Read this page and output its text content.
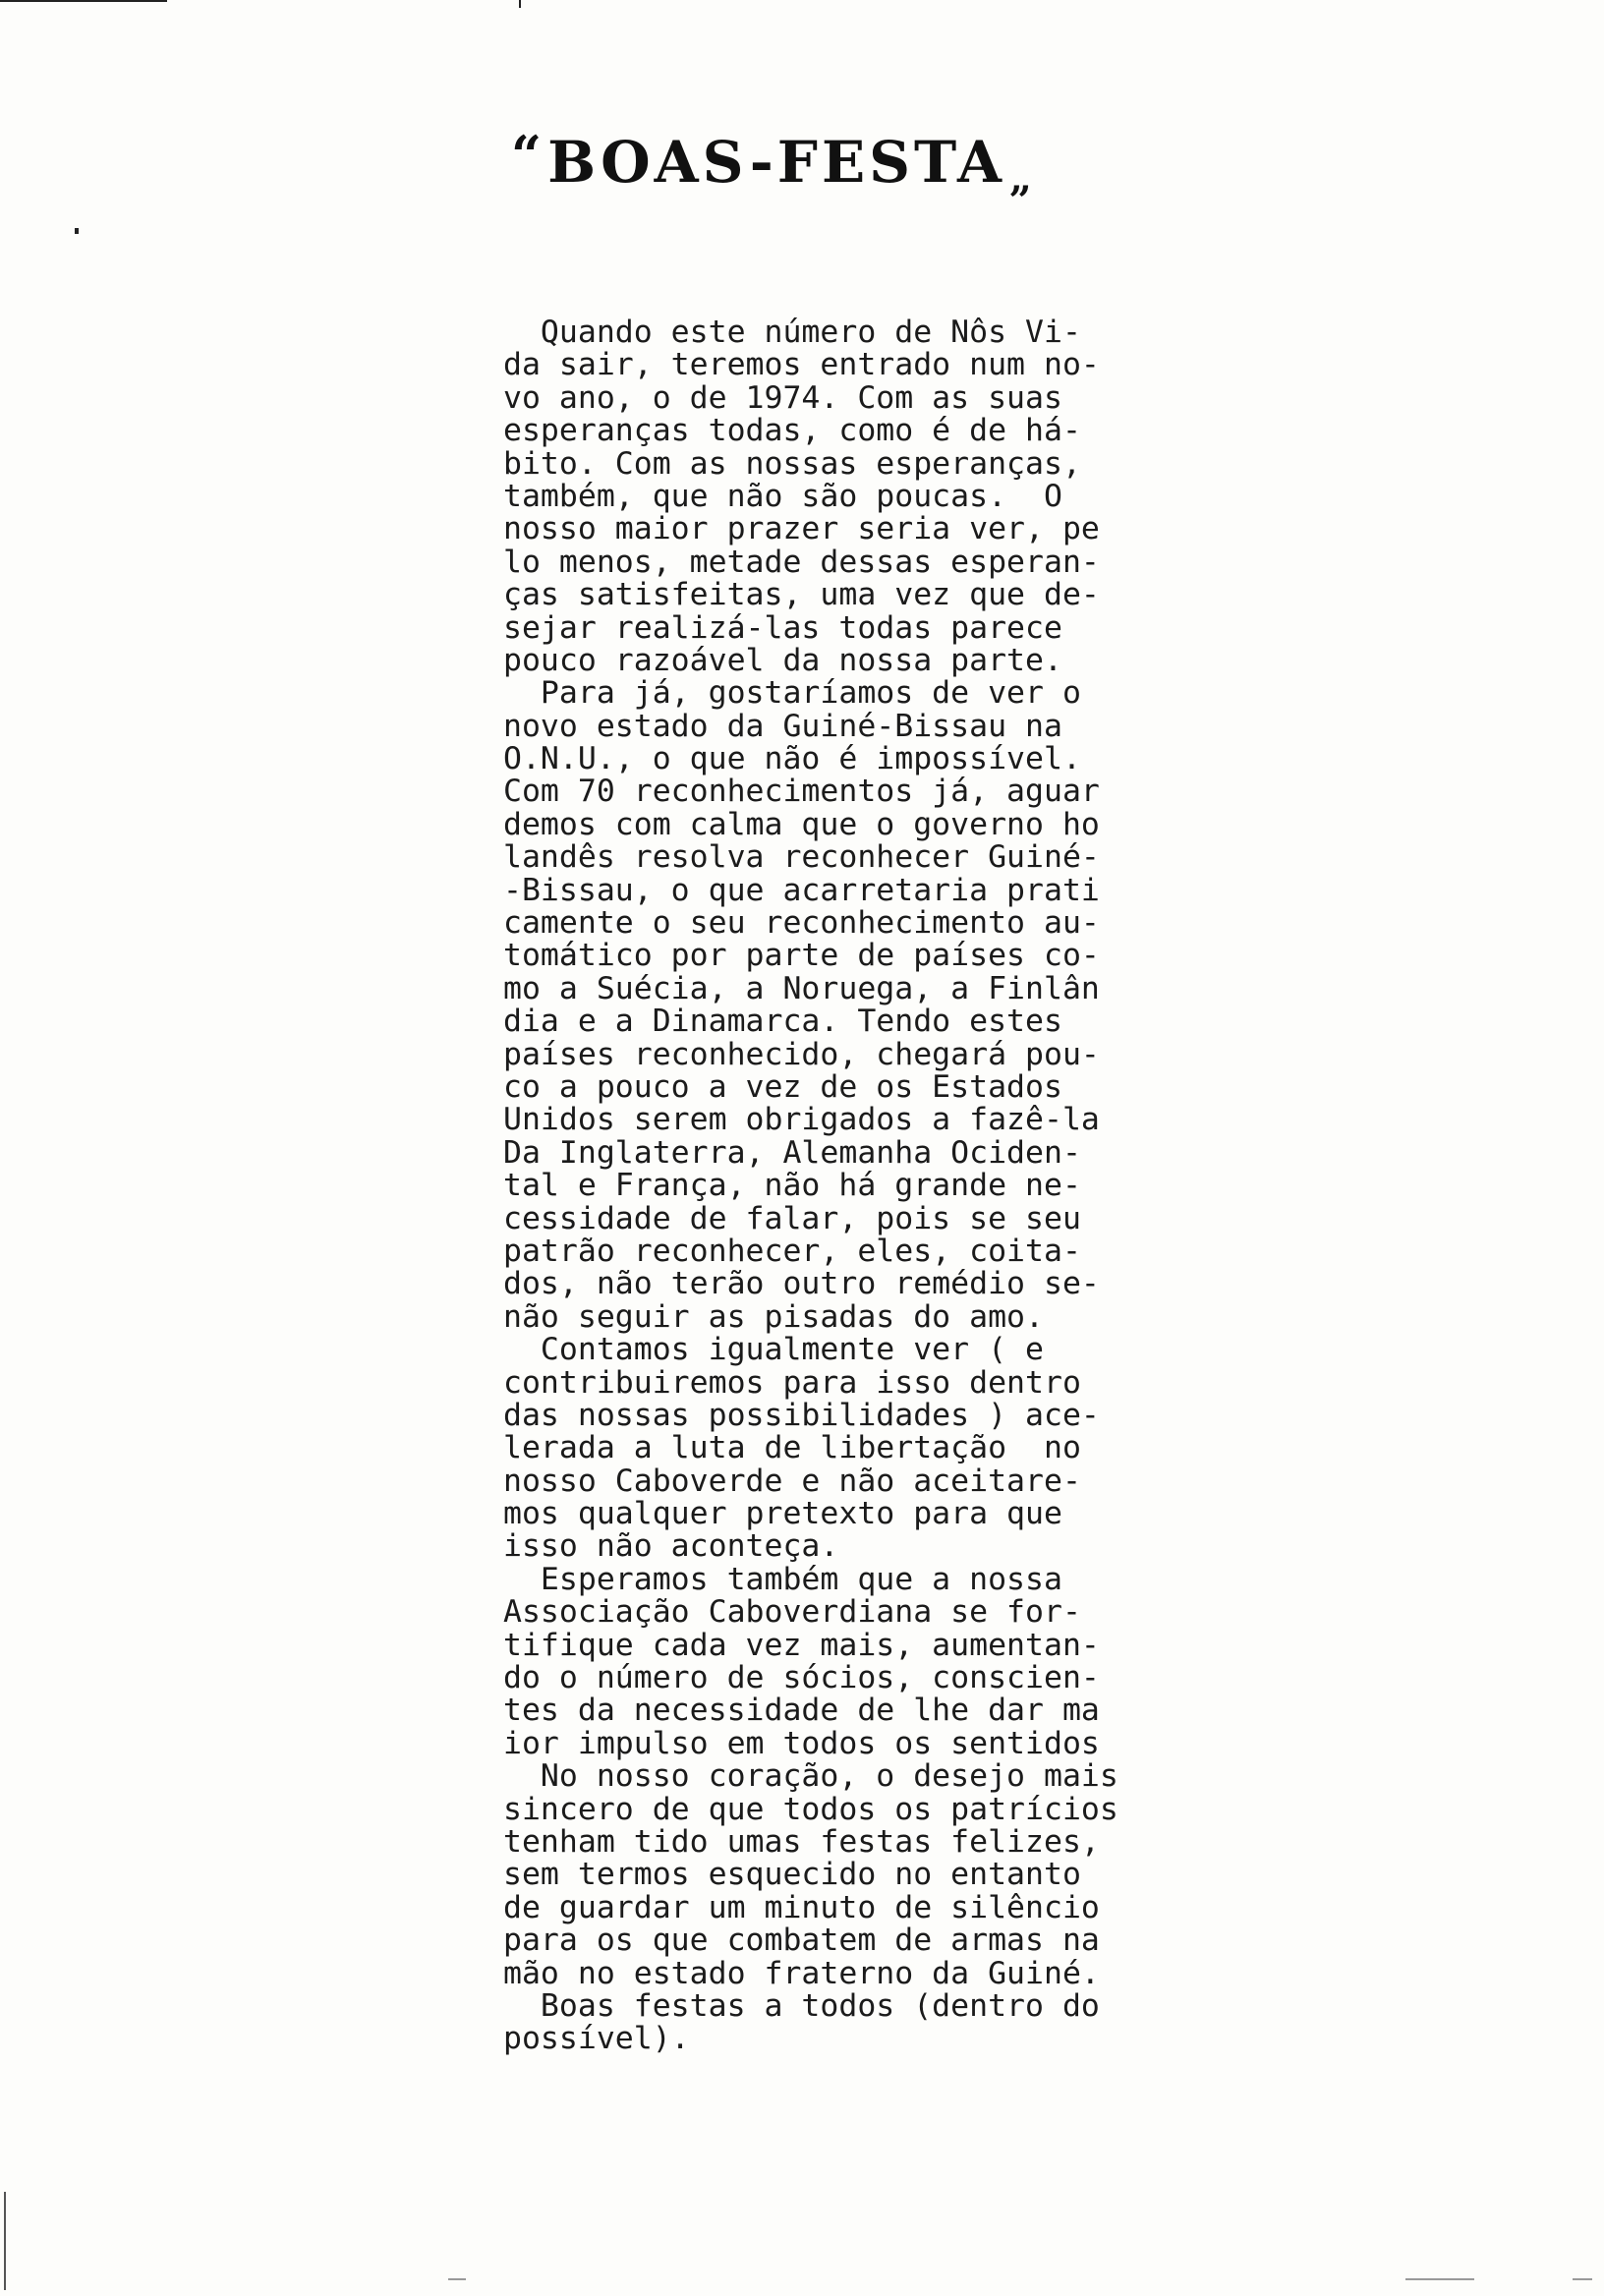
“BOAS-FESTA „
Quando este número de Nôs Vi-
da sair, teremos entrado num no-
vo ano, o de 1974. Com as suas
esperanças todas, como é de há-
bito. Com as nossas esperanças,
também, que não são poucas.  O
nosso maior prazer seria ver, pe
lo menos, metade dessas esperan-
ças satisfeitas, uma vez que de-
sejar realizá-las todas parece
pouco razoável da nossa parte.
Para já, gostaríamos de ver o
novo estado da Guiné-Bissau na
O.N.U., o que não é impossível.
Com 70 reconhecimentos já, aguar
demos com calma que o governo ho
landês resolva reconhecer Guiné-
-Bissau, o que acarretaria prati
camente o seu reconhecimento au-
tomático por parte de países co-
mo a Suécia, a Noruega, a Finlân
dia e a Dinamarca. Tendo estes
países reconhecido, chegará pou-
co a pouco a vez de os Estados
Unidos serem obrigados a fazê-la
Da Inglaterra, Alemanha Ociden-
tal e França, não há grande ne-
cessidade de falar, pois se seu
patrão reconhecer, eles, coita-
dos, não terão outro remédio se-
não seguir as pisadas do amo.
Contamos igualmente ver ( e
contribuiremos para isso dentro
das nossas possibilidades ) ace-
lerada a luta de libertação  no
nosso Caboverde e não aceitare-
mos qualquer pretexto para que
isso não aconteça.
Esperamos também que a nossa
Associação Caboverdiana se for-
tifique cada vez mais, aumentan-
do o número de sócios, conscien-
tes da necessidade de lhe dar ma
ior impulso em todos os sentidos
No nosso coração, o desejo mais
sincero de que todos os patrícios
tenham tido umas festas felizes,
sem termos esquecido no entanto
de guardar um minuto de silêncio
para os que combatem de armas na
mão no estado fraterno da Guiné.
Boas festas a todos (dentro do
possível).
